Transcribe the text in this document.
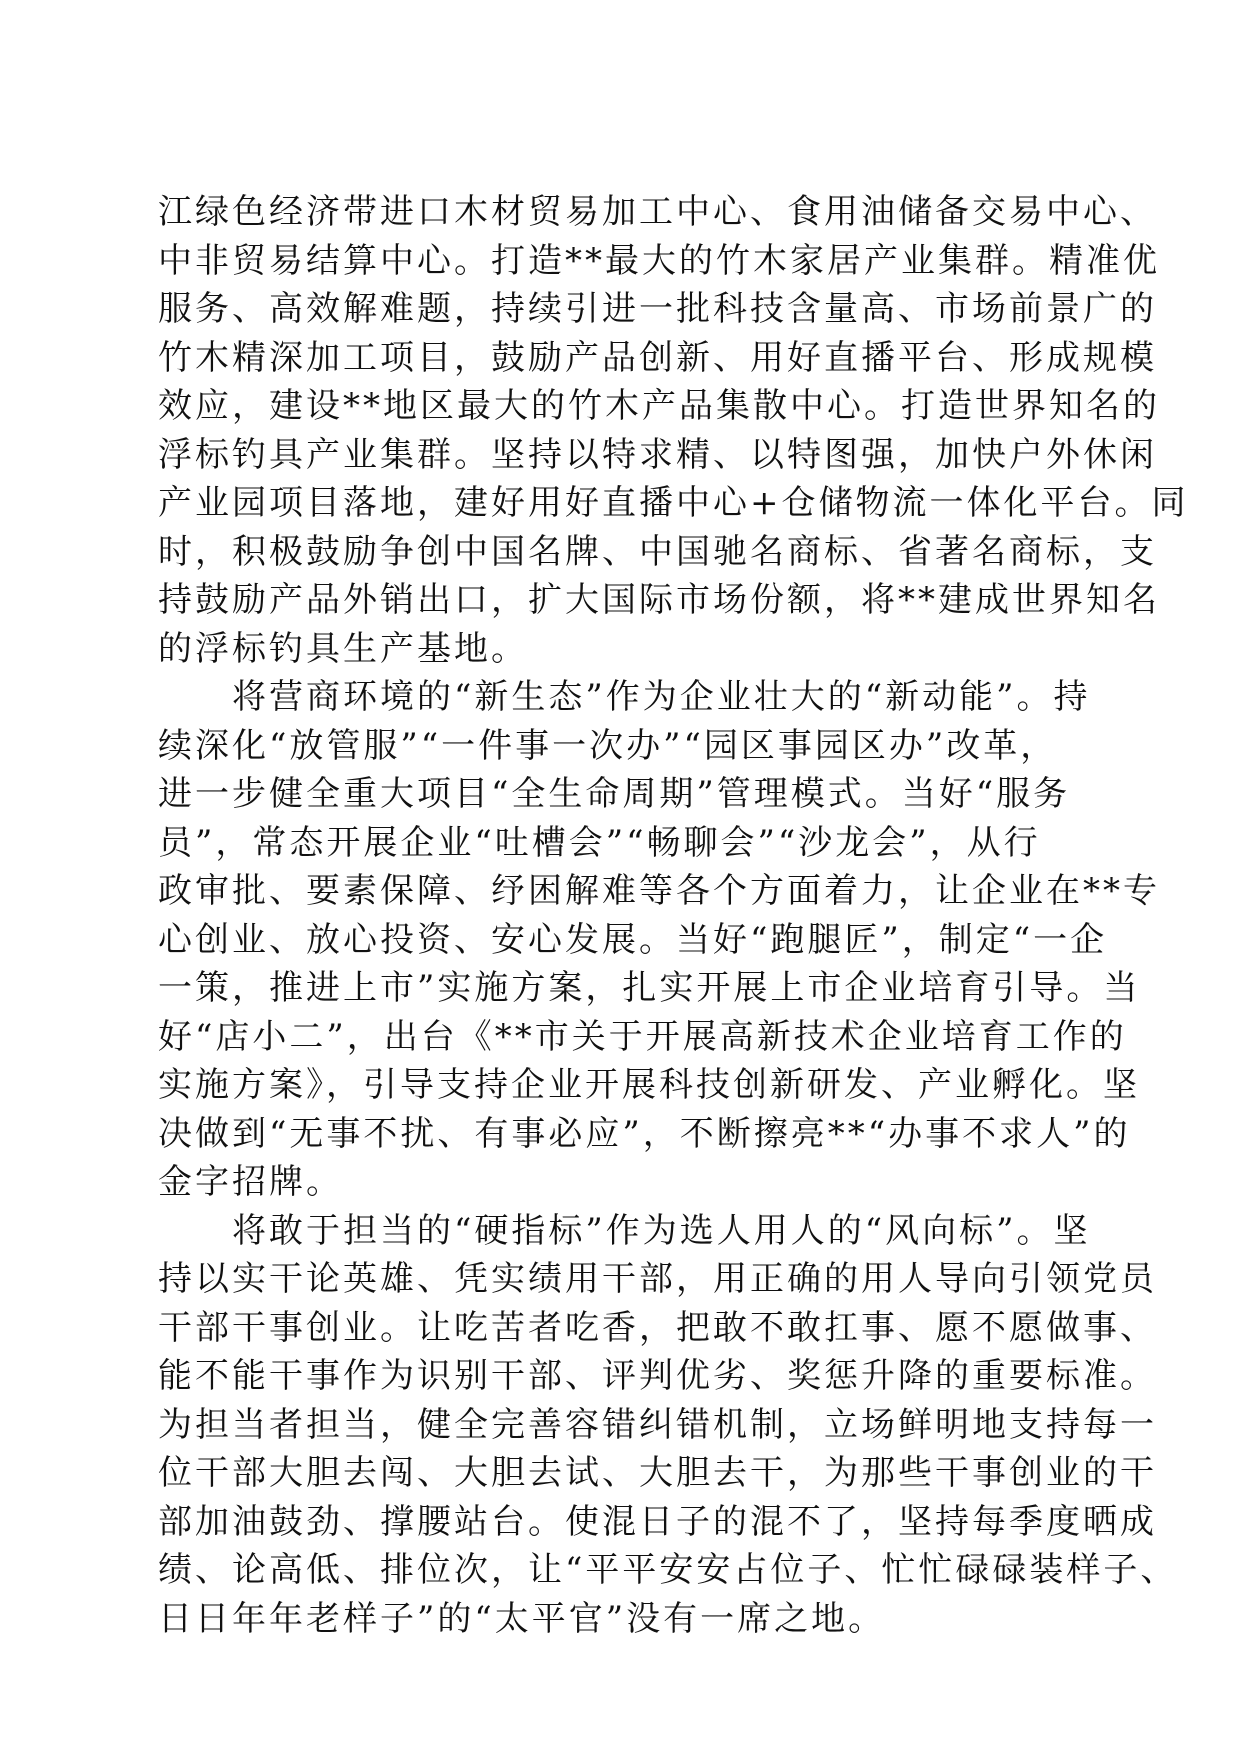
江绿色经济带进口木材贸易加工中心、食用油储备交易中心、
中非贸易结算中心。打造**最大的竹木家居产业集群。精准优
服务、高效解难题，持续引进一批科技含量高、市场前景广的
竹木精深加工项目，鼓励产品创新、用好直播平台、形成规模
效应，建设**地区最大的竹木产品集散中心。打造世界知名的
浮标钓具产业集群。坚持以特求精、以特图强，加快户外休闲
产业园项目落地，建好用好直播中心+仓储物流一体化平台。同
时，积极鼓励争创中国名牌、中国驰名商标、省著名商标，支
持鼓励产品外销出口，扩大国际市场份额，将**建成世界知名
的浮标钓具生产基地。
将营商环境的“新生态”作为企业壮大的“新动能”。持
续深化“放管服”“一件事一次办”“园区事园区办”改革，
进一步健全重大项目“全生命周期”管理模式。当好“服务
员”，常态开展企业“吐槽会”“畅聊会”“沙龙会”，从行
政审批、要素保障、纾困解难等各个方面着力，让企业在**专
心创业、放心投资、安心发展。当好“跑腿匠”，制定“一企
一策，推进上市”实施方案，扎实开展上市企业培育引导。当
好“店小二”，出台《**市关于开展高新技术企业培育工作的
实施方案》，引导支持企业开展科技创新研发、产业孵化。坚
决做到“无事不扰、有事必应”，不断擦亮**“办事不求人”的
金字招牌。
将敢于担当的“硬指标”作为选人用人的“风向标”。坚
持以实干论英雄、凭实绩用干部，用正确的用人导向引领党员
干部干事创业。让吃苦者吃香，把敢不敢扛事、愿不愿做事、
能不能干事作为识别干部、评判优劣、奖惩升降的重要标准。
为担当者担当，健全完善容错纠错机制，立场鲜明地支持每一
位干部大胆去闯、大胆去试、大胆去干，为那些干事创业的干
部加油鼓劲、撑腰站台。使混日子的混不了，坚持每季度晒成
绩、论高低、排位次，让“平平安安占位子、忙忙碌碌装样子、
日日年年老样子”的“太平官”没有一席之地。
